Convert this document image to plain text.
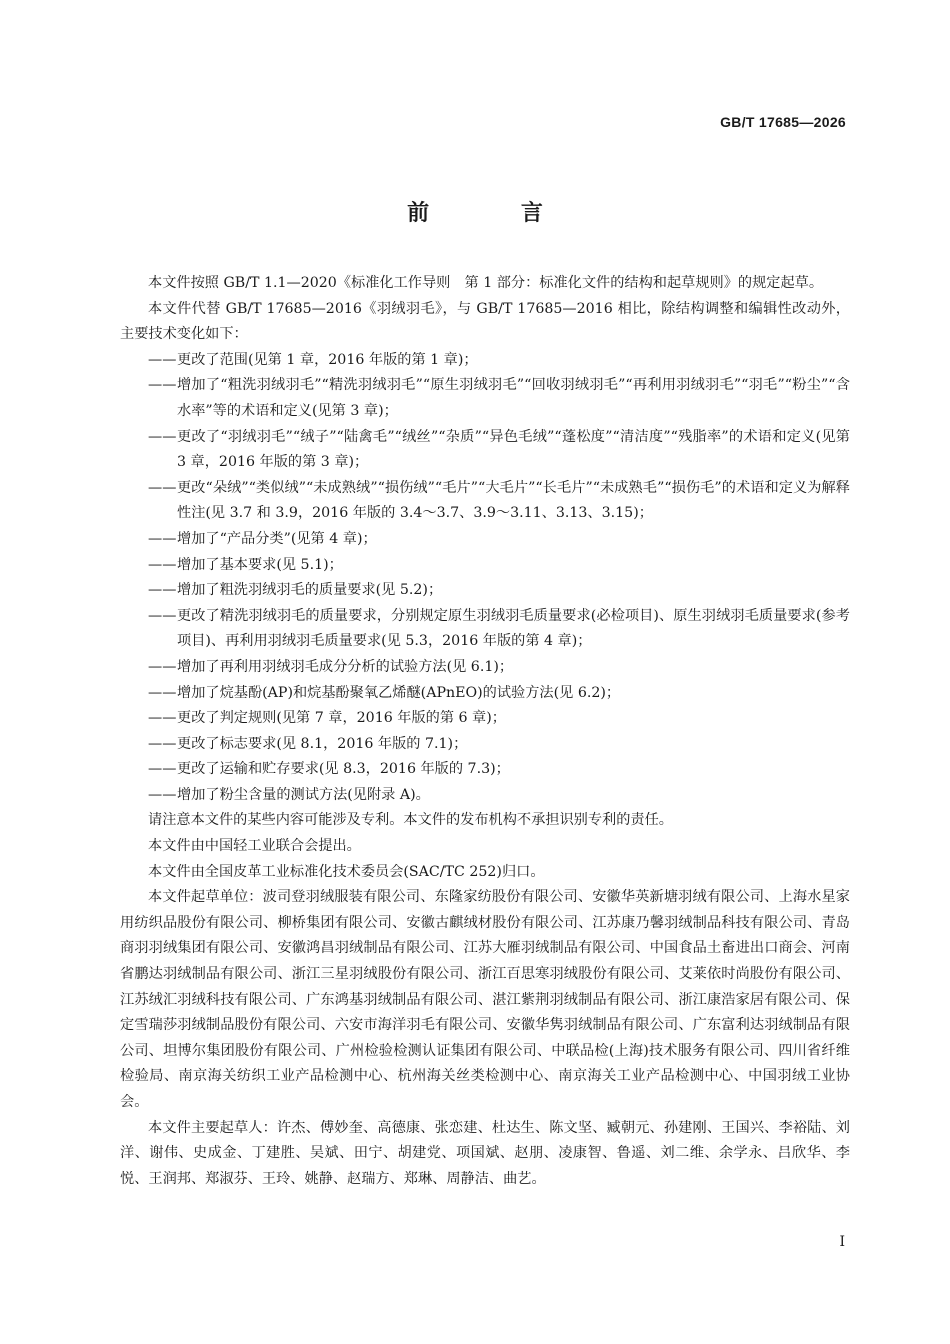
GB/T 17685—2026
前 言

本文件按照 GB/T 1.1—2020《标准化工作导则　第 1 部分：标准化文件的结构和起草规则》的规定起草。

本文件代替 GB/T 17685—2016《羽绒羽毛》，与 GB/T 17685—2016 相比，除结构调整和编辑性改动外，主要技术变化如下：

—— 更改了范围(见第 1 章，2016 年版的第 1 章)；

—— 增加了“粗洗羽绒羽毛”“精洗羽绒羽毛”“原生羽绒羽毛”“回收羽绒羽毛”“再利用羽绒羽毛”“羽毛”“粉尘”“含水率”等的术语和定义(见第 3 章)；

—— 更改了“羽绒羽毛”“绒子”“陆禽毛”“绒丝”“杂质”“异色毛绒”“蓬松度”“清洁度”“残脂率”的术语和定义(见第 3 章，2016 年版的第 3 章)；

—— 更改“朵绒”“类似绒”“未成熟绒”“损伤绒”“毛片”“大毛片”“长毛片”“未成熟毛”“损伤毛”的术语和定义为解释性注(见 3.7 和 3.9，2016 年版的 3.4～3.7、3.9～3.11、3.13、3.15)；

—— 增加了“产品分类”(见第 4 章)；

—— 增加了基本要求(见 5.1)；

—— 增加了粗洗羽绒羽毛的质量要求(见 5.2)；

—— 更改了精洗羽绒羽毛的质量要求，分别规定原生羽绒羽毛质量要求(必检项目)、原生羽绒羽毛质量要求(参考项目)、再利用羽绒羽毛质量要求(见 5.3，2016 年版的第 4 章)；

—— 增加了再利用羽绒羽毛成分分析的试验方法(见 6.1)；

—— 增加了烷基酚(AP)和烷基酚聚氧乙烯醚(APnEO)的试验方法(见 6.2)；

—— 更改了判定规则(见第 7 章，2016 年版的第 6 章)；

—— 更改了标志要求(见 8.1，2016 年版的 7.1)；

—— 更改了运输和贮存要求(见 8.3，2016 年版的 7.3)；

—— 增加了粉尘含量的测试方法(见附录 A)。

请注意本文件的某些内容可能涉及专利。本文件的发布机构不承担识别专利的责任。

本文件由中国轻工业联合会提出。

本文件由全国皮革工业标准化技术委员会(SAC/TC 252)归口。

本文件起草单位：波司登羽绒服装有限公司、东隆家纺股份有限公司、安徽华英新塘羽绒有限公司、上海水星家用纺织品股份有限公司、柳桥集团有限公司、安徽古麒绒材股份有限公司、江苏康乃馨羽绒制品科技有限公司、青岛商羽羽绒集团有限公司、安徽鸿昌羽绒制品有限公司、江苏大雁羽绒制品有限公司、中国食品土畜进出口商会、河南省鹏达羽绒制品有限公司、浙江三星羽绒股份有限公司、浙江百思寒羽绒股份有限公司、艾莱依时尚股份有限公司、江苏绒汇羽绒科技有限公司、广东鸿基羽绒制品有限公司、湛江紫荆羽绒制品有限公司、浙江康浩家居有限公司、保定雪瑞莎羽绒制品股份有限公司、六安市海洋羽毛有限公司、安徽华隽羽绒制品有限公司、广东富利达羽绒制品有限公司、坦博尔集团股份有限公司、广州检验检测认证集团有限公司、中联品检(上海)技术服务有限公司、四川省纤维检验局、南京海关纺织工业产品检测中心、杭州海关丝类检测中心、南京海关工业产品检测中心、中国羽绒工业协会。

本文件主要起草人：许杰、傅妙奎、高德康、张恋建、杜达生、陈文坚、臧朝元、孙建刚、王国兴、李裕陆、刘洋、谢伟、史成金、丁建胜、吴斌、田宁、胡建党、项国斌、赵朋、凌康智、鲁遥、刘二维、余学永、吕欣华、李悦、王润邦、郑淑芬、王玲、姚静、赵瑞方、郑琳、周静洁、曲艺。

I
